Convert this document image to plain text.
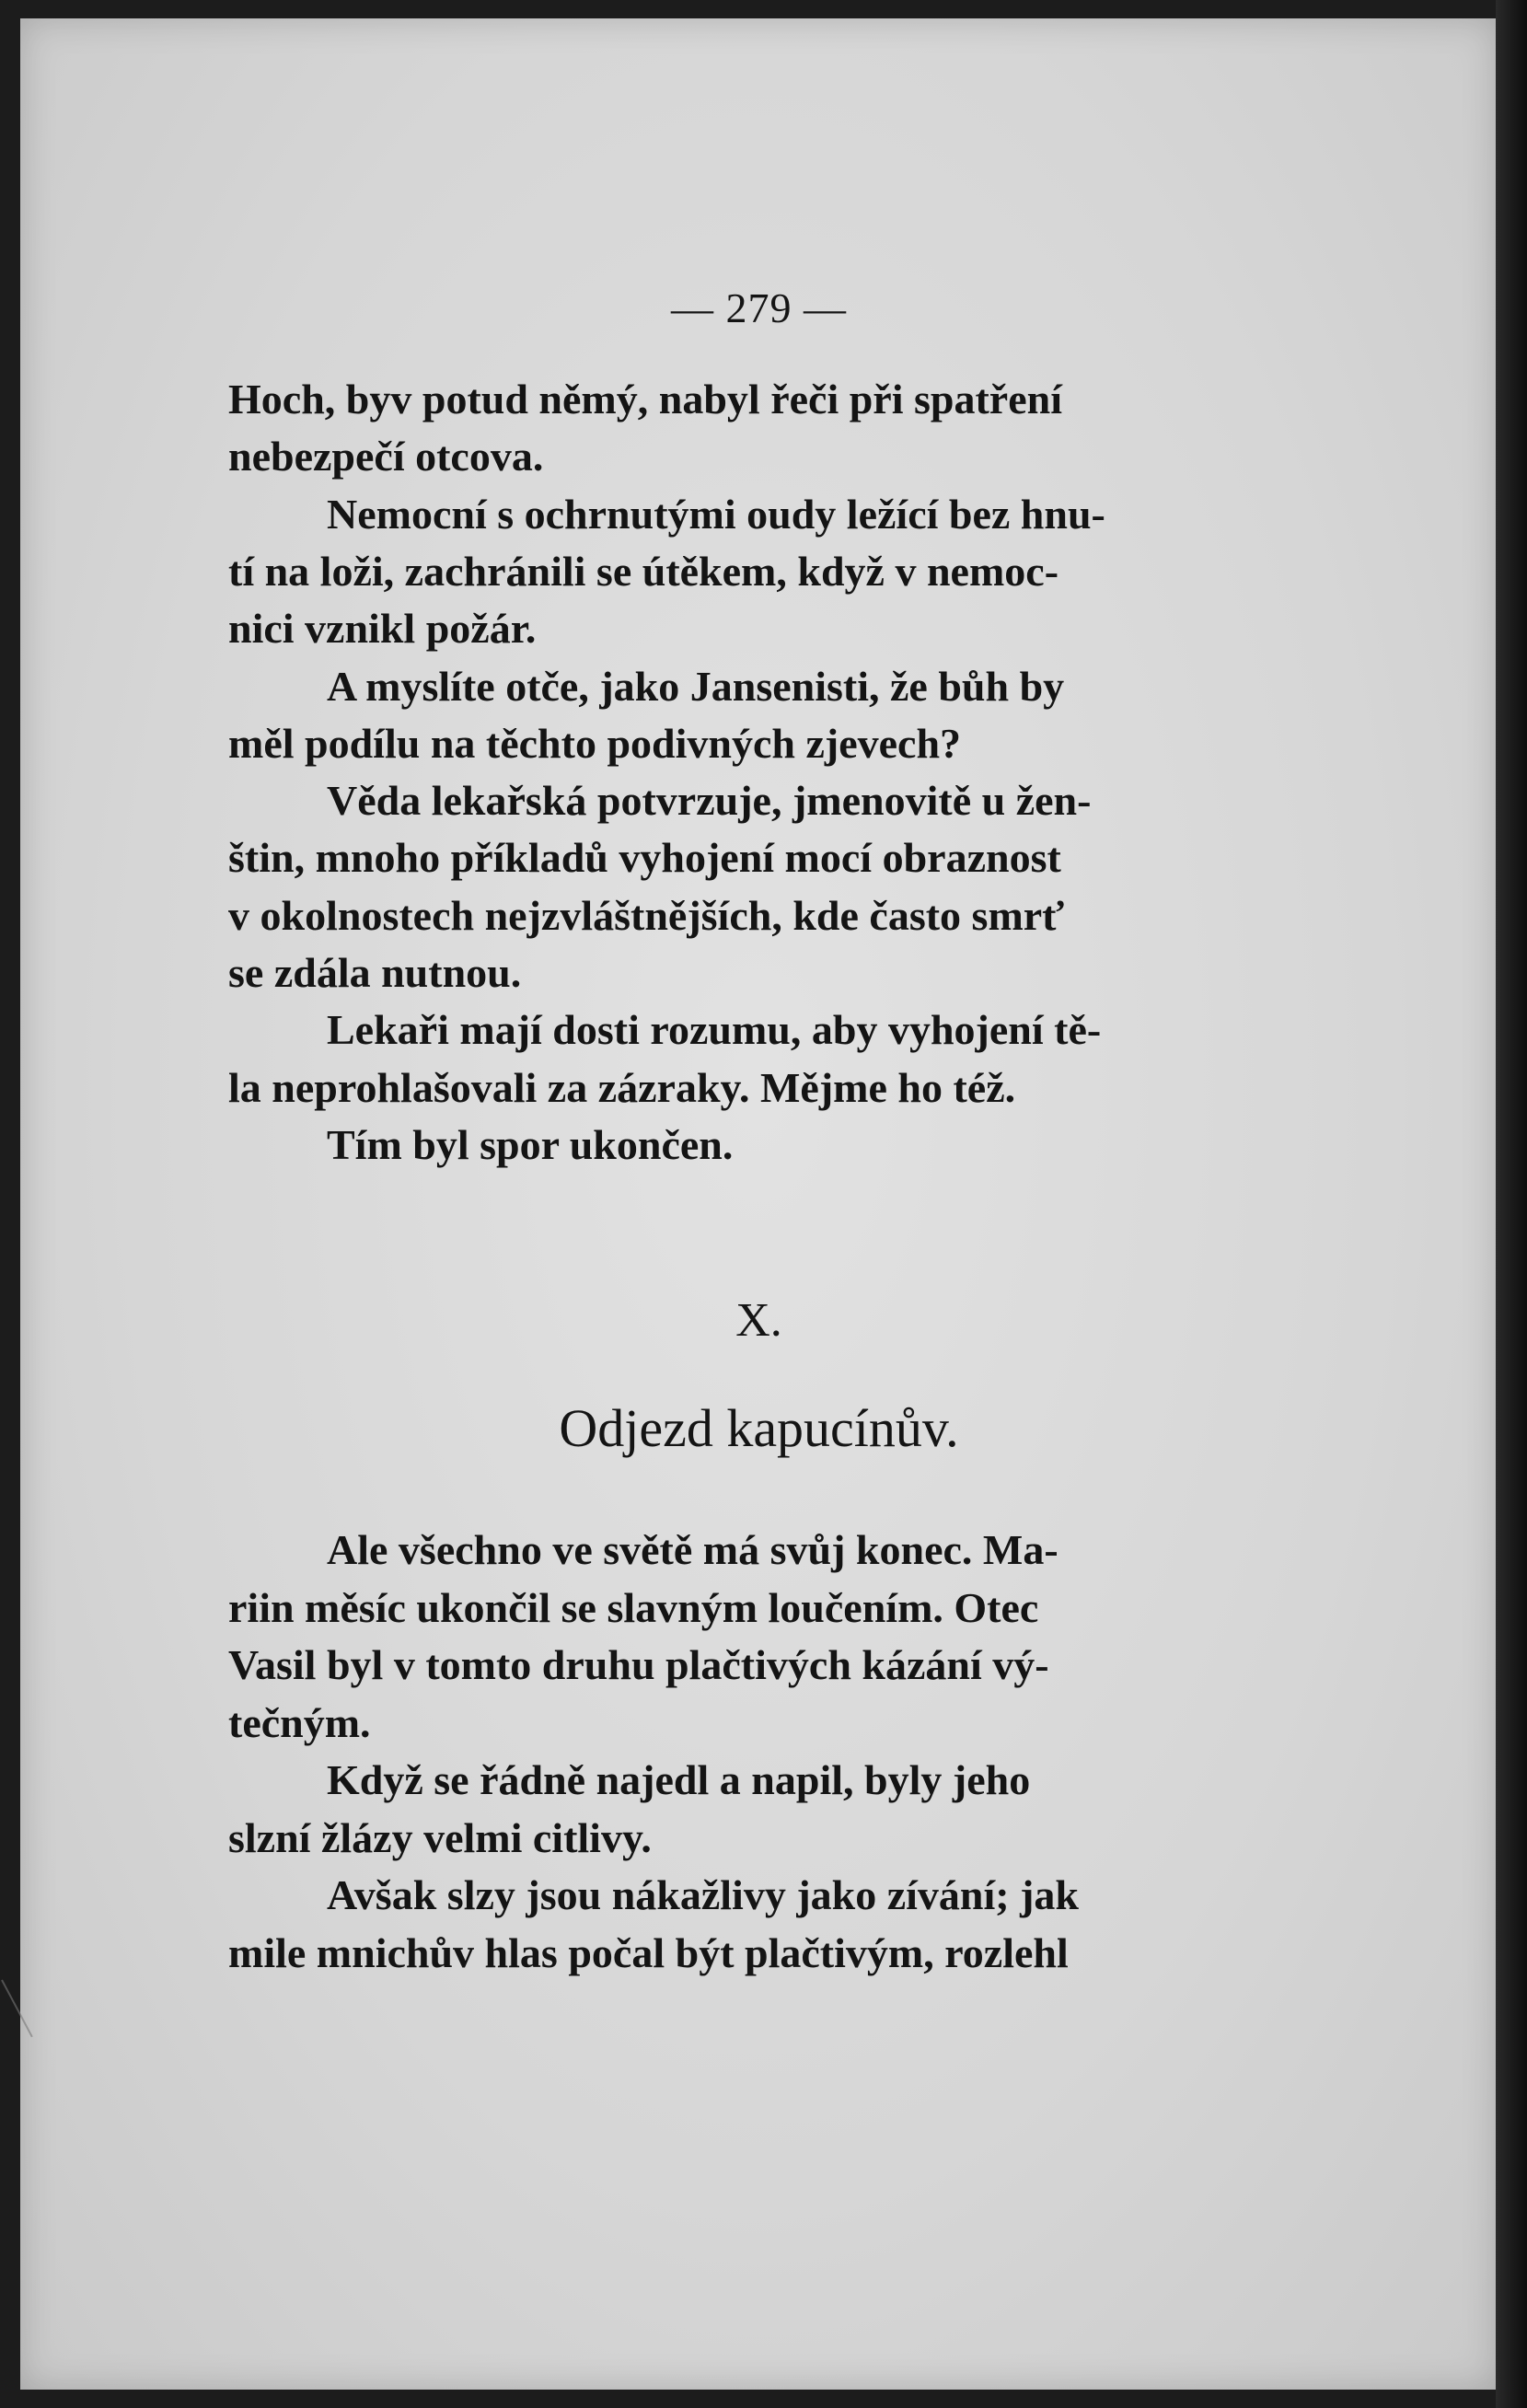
— 279 —
Hoch, byv potud němý, nabyl řeči při spatření
nebezpečí otcova.
Nemocní s ochrnutými oudy ležící bez hnu-
tí na loži, zachránili se útěkem, když v nemoc-
nici vznikl požár.
A myslíte otče, jako Jansenisti, že bůh by
měl podílu na těchto podivných zjevech?
Věda lekařská potvrzuje, jmenovitě u žen-
štin, mnoho příkladů vyhojení mocí obraznost
v okolnostech nejzvláštnějších, kde často smrť
se zdála nutnou.
Lekaři mají dosti rozumu, aby vyhojení tě-
la neprohlašovali za zázraky. Mějme ho též.
Tím byl spor ukončen.
X.
Odjezd kapucínův.
Ale všechno ve světě má svůj konec. Ma-
riin měsíc ukončil se slavným loučením. Otec
Vasil byl v tomto druhu plačtivých kázání vý-
tečným.
Když se řádně najedl a napil, byly jeho
slzní žlázy velmi citlivy.
Avšak slzy jsou nákažlivy jako zívání; jak
mile mnichův hlas počal být plačtivým, rozlehl
